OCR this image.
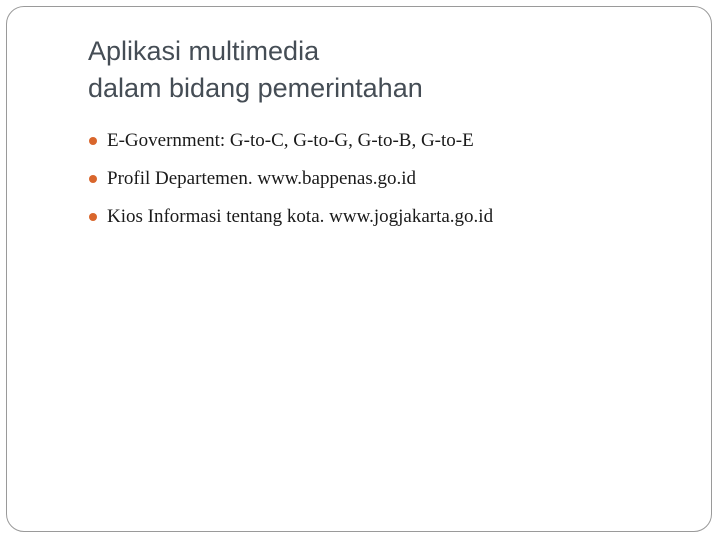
Aplikasi multimedia
dalam bidang pemerintahan
E-Government: G-to-C, G-to-G, G-to-B, G-to-E
Profil Departemen. www.bappenas.go.id
Kios Informasi tentang kota. www.jogjakarta.go.id
